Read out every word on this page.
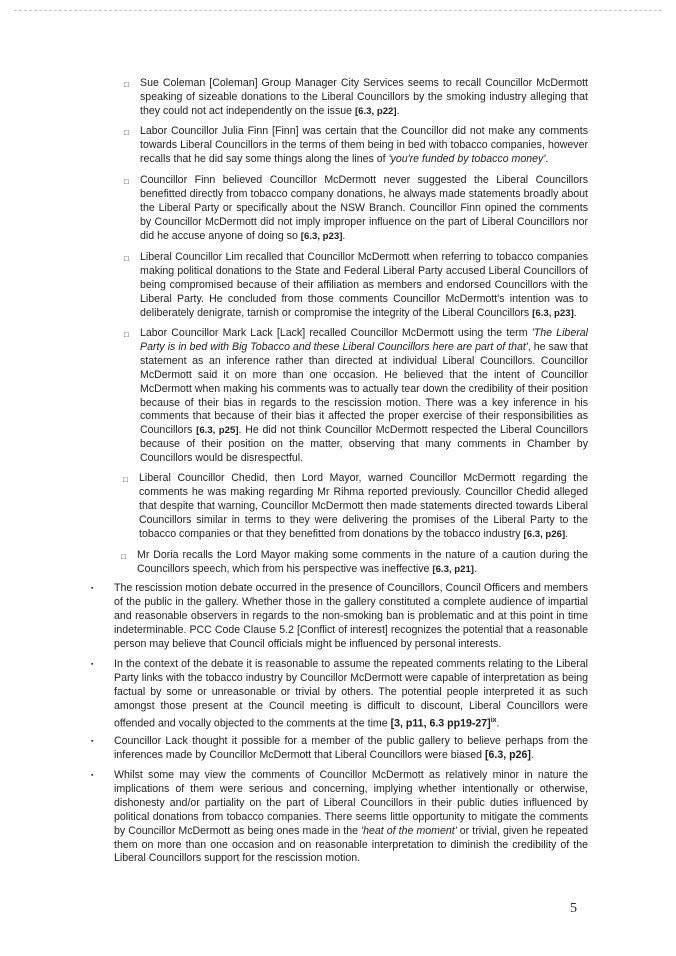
□ Sue Coleman [Coleman] Group Manager City Services seems to recall Councillor McDermott speaking of sizeable donations to the Liberal Councillors by the smoking industry alleging that they could not act independently on the issue [6.3, p22].
□ Labor Councillor Julia Finn [Finn] was certain that the Councillor did not make any comments towards Liberal Councillors in the terms of them being in bed with tobacco companies, however recalls that he did say some things along the lines of 'you're funded by tobacco money'.
□ Councillor Finn believed Councillor McDermott never suggested the Liberal Councillors benefitted directly from tobacco company donations, he always made statements broadly about the Liberal Party or specifically about the NSW Branch. Councillor Finn opined the comments by Councillor McDermott did not imply improper influence on the part of Liberal Councillors nor did he accuse anyone of doing so [6.3, p23].
□ Liberal Councillor Lim recalled that Councillor McDermott when referring to tobacco companies making political donations to the State and Federal Liberal Party accused Liberal Councillors of being compromised because of their affiliation as members and endorsed Councillors with the Liberal Party. He concluded from those comments Councillor McDermott's intention was to deliberately denigrate, tarnish or compromise the integrity of the Liberal Councillors [6.3, p23].
□ Labor Councillor Mark Lack [Lack] recalled Councillor McDermott using the term 'The Liberal Party is in bed with Big Tobacco and these Liberal Councillors here are part of that', he saw that statement as an inference rather than directed at individual Liberal Councillors. Councillor McDermott said it on more than one occasion. He believed that the intent of Councillor McDermott when making his comments was to actually tear down the credibility of their position because of their bias in regards to the rescission motion. There was a key inference in his comments that because of their bias it affected the proper exercise of their responsibilities as Councillors [6.3, p25]. He did not think Councillor McDermott respected the Liberal Councillors because of their position on the matter, observing that many comments in Chamber by Councillors would be disrespectful.
□ Liberal Councillor Chedid, then Lord Mayor, warned Councillor McDermott regarding the comments he was making regarding Mr Rihma reported previously. Councillor Chedid alleged that despite that warning, Councillor McDermott then made statements directed towards Liberal Councillors similar in terms to they were delivering the promises of the Liberal Party to the tobacco companies or that they benefitted from donations by the tobacco industry [6.3, p26].
□ Mr Doria recalls the Lord Mayor making some comments in the nature of a caution during the Councillors speech, which from his perspective was ineffective [6.3, p21].
▪ The rescission motion debate occurred in the presence of Councillors, Council Officers and members of the public in the gallery. Whether those in the gallery constituted a complete audience of impartial and reasonable observers in regards to the non-smoking ban is problematic and at this point in time indeterminable. PCC Code Clause 5.2 [Conflict of interest] recognizes the potential that a reasonable person may believe that Council officials might be influenced by personal interests.
▪ In the context of the debate it is reasonable to assume the repeated comments relating to the Liberal Party links with the tobacco industry by Councillor McDermott were capable of interpretation as being factual by some or unreasonable or trivial by others. The potential people interpreted it as such amongst those present at the Council meeting is difficult to discount, Liberal Councillors were offended and vocally objected to the comments at the time [3, p11, 6.3 pp19-27]$^{ix}$.
▪ Councillor Lack thought it possible for a member of the public gallery to believe perhaps from the inferences made by Councillor McDermott that Liberal Councillors were biased [6.3, p26].
▪ Whilst some may view the comments of Councillor McDermott as relatively minor in nature the implications of them were serious and concerning, implying whether intentionally or otherwise, dishonesty and/or partiality on the part of Liberal Councillors in their public duties influenced by political donations from tobacco companies. There seems little opportunity to mitigate the comments by Councillor McDermott as being ones made in the 'heat of the moment' or trivial, given he repeated them on more than one occasion and on reasonable interpretation to diminish the credibility of the Liberal Councillors support for the rescission motion.
5
